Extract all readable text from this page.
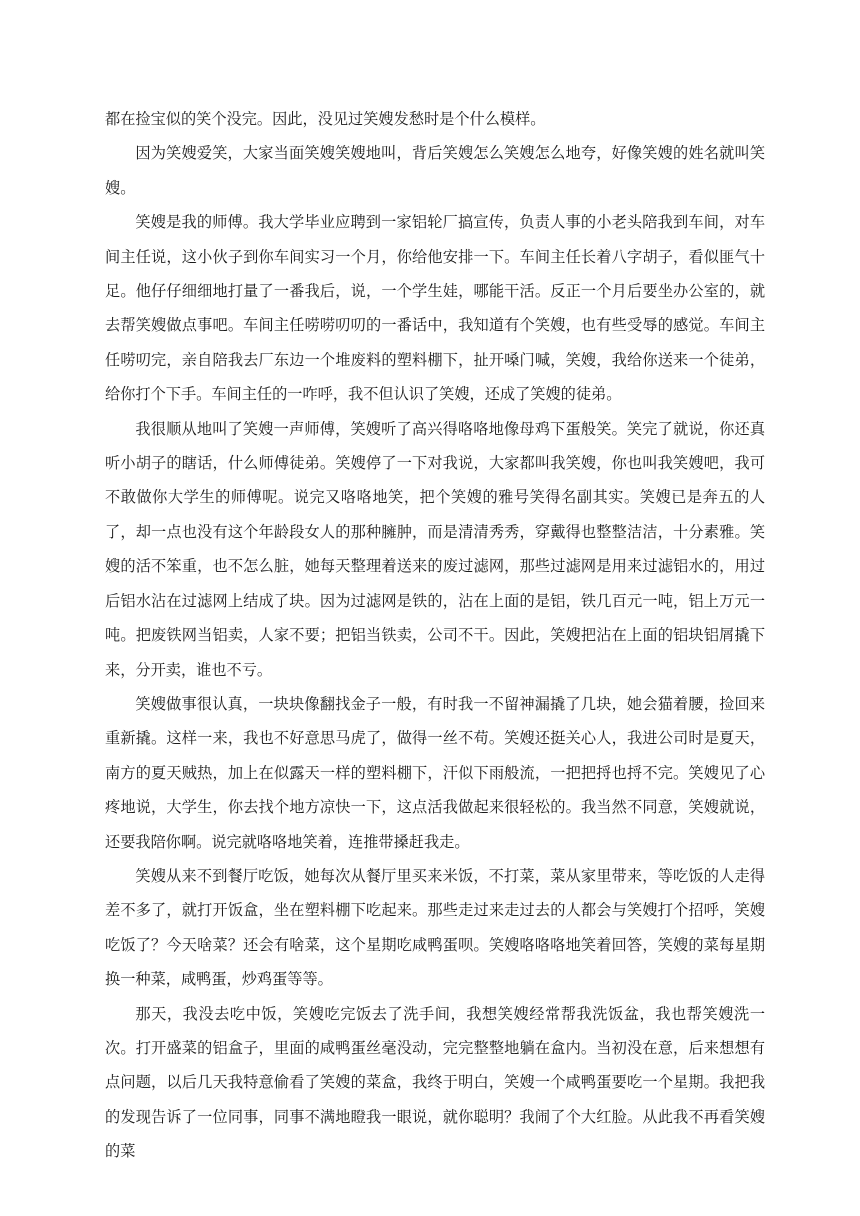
都在捡宝似的笑个没完。因此，没见过笑嫂发愁时是个什么模样。

因为笑嫂爱笑，大家当面笑嫂笑嫂地叫，背后笑嫂怎么笑嫂怎么地夸，好像笑嫂的姓名就叫笑嫂。

笑嫂是我的师傅。我大学毕业应聘到一家铝轮厂搞宣传，负责人事的小老头陪我到车间，对车间主任说，这小伙子到你车间实习一个月，你给他安排一下。车间主任长着八字胡子，看似匪气十足。他仔仔细细地打量了一番我后，说，一个学生娃，哪能干活。反正一个月后要坐办公室的，就去帮笑嫂做点事吧。车间主任唠唠叨叨的一番话中，我知道有个笑嫂，也有些受辱的感觉。车间主任唠叨完，亲自陪我去厂东边一个堆废料的塑料棚下，扯开嗓门喊，笑嫂，我给你送来一个徒弟，给你打个下手。车间主任的一咋呼，我不但认识了笑嫂，还成了笑嫂的徒弟。

我很顺从地叫了笑嫂一声师傅，笑嫂听了高兴得咯咯地像母鸡下蛋般笑。笑完了就说，你还真听小胡子的瞎话，什么师傅徒弟。笑嫂停了一下对我说，大家都叫我笑嫂，你也叫我笑嫂吧，我可不敢做你大学生的师傅呢。说完又咯咯地笑，把个笑嫂的雅号笑得名副其实。笑嫂已是奔五的人了，却一点也没有这个年龄段女人的那种臃肿，而是清清秀秀，穿戴得也整整洁洁，十分素雅。笑嫂的活不笨重，也不怎么脏，她每天整理着送来的废过滤网，那些过滤网是用来过滤铝水的，用过后铝水沾在过滤网上结成了块。因为过滤网是铁的，沾在上面的是铝，铁几百元一吨，铝上万元一吨。把废铁网当铝卖，人家不要；把铝当铁卖，公司不干。因此，笑嫂把沾在上面的铝块铝屑撬下来，分开卖，谁也不亏。

笑嫂做事很认真，一块块像翻找金子一般，有时我一不留神漏撬了几块，她会猫着腰，捡回来重新撬。这样一来，我也不好意思马虎了，做得一丝不苟。笑嫂还挺关心人，我进公司时是夏天，南方的夏天贼热，加上在似露天一样的塑料棚下，汗似下雨般流，一把把捋也捋不完。笑嫂见了心疼地说，大学生，你去找个地方凉快一下，这点活我做起来很轻松的。我当然不同意，笑嫂就说，还要我陪你啊。说完就咯咯地笑着，连推带搡赶我走。

笑嫂从来不到餐厅吃饭，她每次从餐厅里买来米饭，不打菜，菜从家里带来，等吃饭的人走得差不多了，就打开饭盒，坐在塑料棚下吃起来。那些走过来走过去的人都会与笑嫂打个招呼，笑嫂吃饭了？今天啥菜？还会有啥菜，这个星期吃咸鸭蛋呗。笑嫂咯咯咯地笑着回答，笑嫂的菜每星期换一种菜，咸鸭蛋，炒鸡蛋等等。

那天，我没去吃中饭，笑嫂吃完饭去了洗手间，我想笑嫂经常帮我洗饭盆，我也帮笑嫂洗一次。打开盛菜的铝盒子，里面的咸鸭蛋丝毫没动，完完整整地躺在盒内。当初没在意，后来想想有点问题，以后几天我特意偷看了笑嫂的菜盒，我终于明白，笑嫂一个咸鸭蛋要吃一个星期。我把我的发现告诉了一位同事，同事不满地瞪我一眼说，就你聪明？我闹了个大红脸。从此我不再看笑嫂的菜
